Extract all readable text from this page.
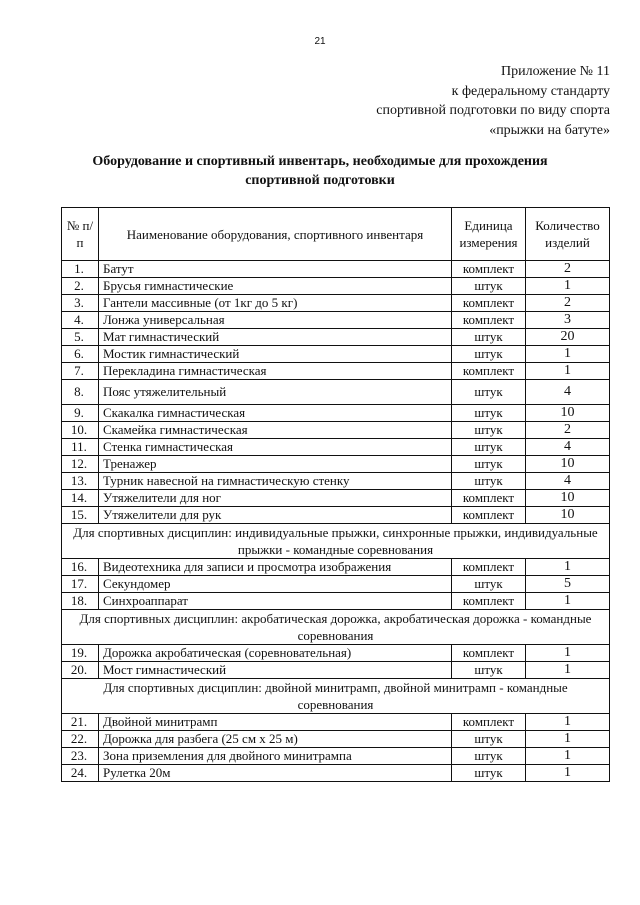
21
Приложение № 11
к федеральному стандарту
спортивной подготовки по виду спорта
«прыжки на батуте»
Оборудование и спортивный инвентарь, необходимые для прохождения
спортивной подготовки
№ п/п	Наименование оборудования, спортивного инвентаря	Единица измерения	Количество изделий
1.	Батут	комплект	2
2.	Брусья гимнастические	штук	1
3.	Гантели массивные (от 1кг до 5 кг)	комплект	2
4.	Лонжа универсальная	комплект	3
5.	Мат гимнастический	штук	20
6.	Мостик гимнастический	штук	1
7.	Перекладина гимнастическая	комплект	1
8.	Пояс утяжелительный	штук	4
9.	Скакалка гимнастическая	штук	10
10.	Скамейка гимнастическая	штук	2
11.	Стенка гимнастическая	штук	4
12.	Тренажер	штук	10
13.	Турник навесной на гимнастическую стенку	штук	4
14.	Утяжелители для ног	комплект	10
15.	Утяжелители для рук	комплект	10
Для спортивных дисциплин: индивидуальные прыжки, синхронные прыжки, индивидуальные прыжки - командные соревнования			
16.	Видеотехника для записи и просмотра изображения	комплект	1
17.	Секундомер	штук	5
18.	Синхроаппарат	комплект	1
Для спортивных дисциплин: акробатическая дорожка, акробатическая дорожка - командные соревнования			
19.	Дорожка акробатическая (соревновательная)	комплект	1
20.	Мост гимнастический	штук	1
Для спортивных дисциплин: двойной минитрамп, двойной минитрамп - командные соревнования			
21.	Двойной минитрамп	комплект	1
22.	Дорожка для разбега (25 см х 25 м)	штук	1
23.	Зона приземления для двойного минитрампа	штук	1
24.	Рулетка 20м	штук	1
